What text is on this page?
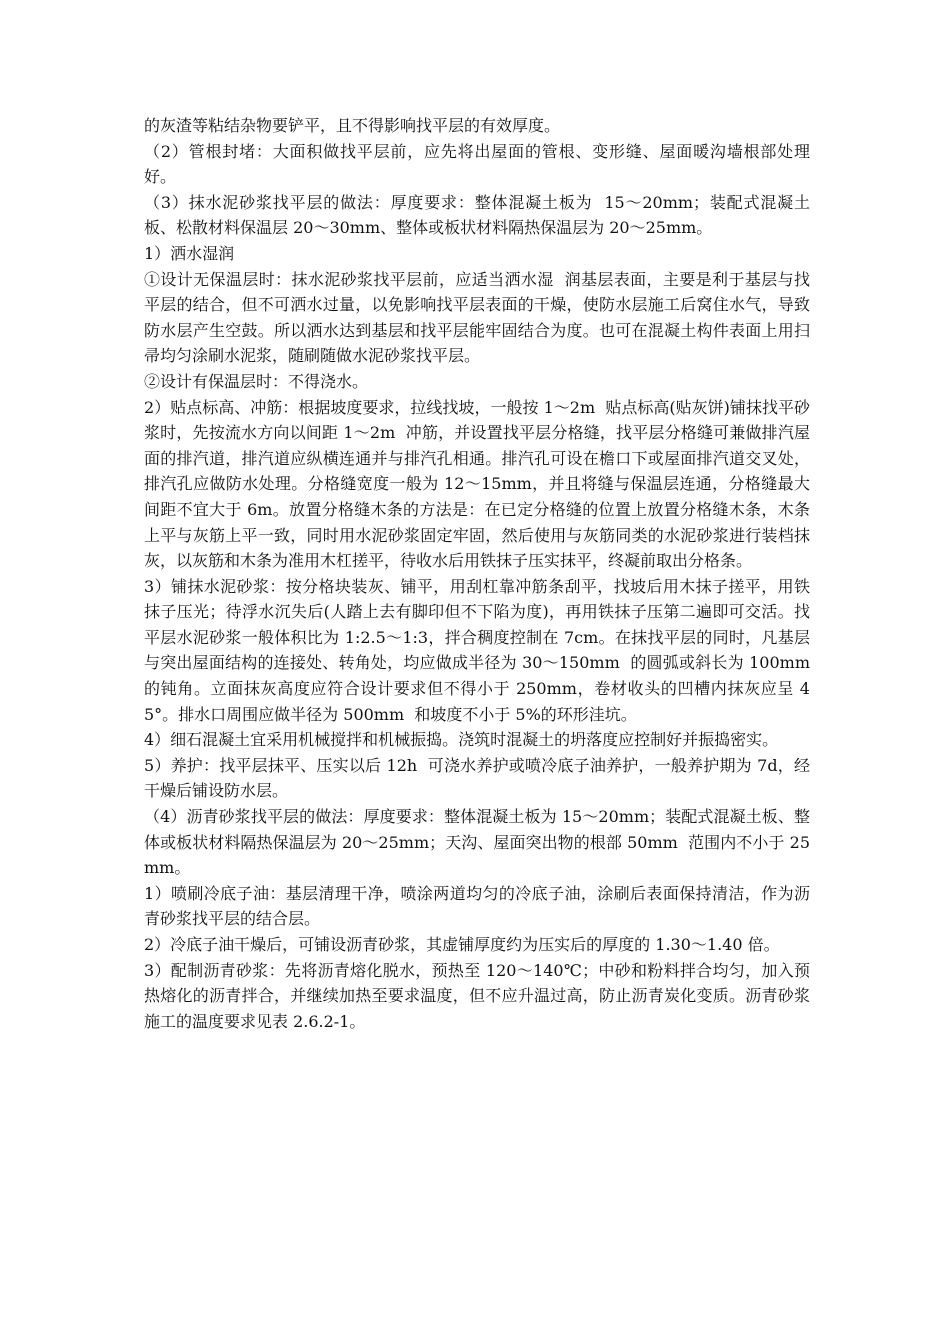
的灰渣等粘结杂物要铲平，且不得影响找平层的有效厚度。

（2）管根封堵：大面积做找平层前，应先将出屋面的管根、变形缝、屋面暖沟墙根部处理好。

（3）抹水泥砂浆找平层的做法：厚度要求：整体混凝土板为  15～20mm；装配式混凝土板、松散材料保温层 20～30mm、整体或板状材料隔热保温层为 20～25mm。

1）洒水湿润

①设计无保温层时：抹水泥砂浆找平层前，应适当洒水湿  润基层表面，主要是利于基层与找平层的结合，但不可洒水过量，以免影响找平层表面的干燥，使防水层施工后窝住水气，导致防水层产生空鼓。所以洒水达到基层和找平层能牢固结合为度。也可在混凝土构件表面上用扫帚均匀涂刷水泥浆，随刷随做水泥砂浆找平层。

②设计有保温层时：不得浇水。

2）贴点标高、冲筋：根据坡度要求，拉线找坡，一般按 1～2m  贴点标高(贴灰饼)铺抹找平砂浆时，先按流水方向以间距 1～2m  冲筋，并设置找平层分格缝，找平层分格缝可兼做排汽屋面的排汽道，排汽道应纵横连通并与排汽孔相通。排汽孔可设在檐口下或屋面排汽道交叉处，排汽孔应做防水处理。分格缝宽度一般为 12～15mm，并且将缝与保温层连通，分格缝最大间距不宜大于 6m。放置分格缝木条的方法是：在已定分格缝的位置上放置分格缝木条，木条上平与灰筋上平一致，同时用水泥砂浆固定牢固，然后使用与灰筋同类的水泥砂浆进行装档抹灰，以灰筋和木条为准用木杠搓平，待收水后用铁抹子压实抹平，终凝前取出分格条。

3）铺抹水泥砂浆：按分格块装灰、铺平，用刮杠靠冲筋条刮平，找坡后用木抹子搓平，用铁抹子压光；待浮水沉失后(人踏上去有脚印但不下陷为度)，再用铁抹子压第二遍即可交活。找平层水泥砂浆一般体积比为 1:2.5～1:3，拌合稠度控制在 7cm。在抹找平层的同时，凡基层与突出屋面结构的连接处、转角处，均应做成半径为 30～150mm  的圆弧或斜长为 100mm  的钝角。立面抹灰高度应符合设计要求但不得小于 250mm，卷材收头的凹槽内抹灰应呈 45°。排水口周围应做半径为 500mm  和坡度不小于 5%的环形洼坑。

4）细石混凝土宜采用机械搅拌和机械振捣。浇筑时混凝土的坍落度应控制好并振捣密实。

5）养护：找平层抹平、压实以后 12h  可浇水养护或喷冷底子油养护，一般养护期为 7d，经干燥后铺设防水层。

（4）沥青砂浆找平层的做法：厚度要求：整体混凝土板为 15～20mm；装配式混凝土板、整体或板状材料隔热保温层为 20～25mm；天沟、屋面突出物的根部 50mm  范围内不小于 25mm。

1）喷刷冷底子油：基层清理干净，喷涂两道均匀的冷底子油，涂刷后表面保持清洁，作为沥青砂浆找平层的结合层。

2）冷底子油干燥后，可铺设沥青砂浆，其虚铺厚度约为压实后的厚度的 1.30～1.40 倍。

3）配制沥青砂浆：先将沥青熔化脱水，预热至 120～140℃；中砂和粉料拌合均匀，加入预热熔化的沥青拌合，并继续加热至要求温度，但不应升温过高，防止沥青炭化变质。沥青砂浆施工的温度要求见表 2.6.2-1。
